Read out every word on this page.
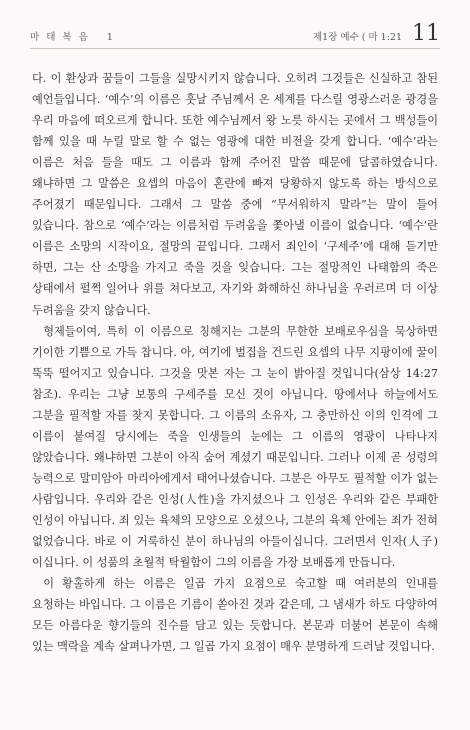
마 태 복 음 1	제1장 예수 ( 마 1:21 11

다. 이 환상과 꿈들이 그들을 실망시키지 않습니다. 오히려 그것들은 신실하고 참된 예언들입니다. ‘예수’의 이름은 훗날 주님께서 온 세계를 다스릴 영광스러운 광경을 우리 마음에 떠오르게 합니다. 또한 예수님께서 왕 노릇 하시는 곳에서 그 백성들이 함께 있을 때 누릴 말로 할 수 없는 영광에 대한 비전을 갖게 합니다. ‘예수’라는 이름은 처음 들을 때도 그 이름과 함께 주어진 말씀 때문에 달콤하였습니다. 왜냐하면 그 말씀은 요셉의 마음이 혼란에 빠져 당황하지 않도록 하는 방식으로 주어졌기 때문입니다. 그래서 그 말씀 중에 “무서워하지 말라”는 말이 들어 있습니다. 참으로 ‘예수’라는 이름처럼 두려움을 쫓아낼 이름이 없습니다. ‘예수’란 이름은 소망의 시작이요, 절망의 끝입니다. 그래서 죄인이 ‘구세주’에 대해 듣기만 하면, 그는 산 소망을 가지고 죽을 것을 잊습니다. 그는 절망적인 나태함의 죽은 상태에서 펄쩍 일어나 위를 쳐다보고, 자기와 화해하신 하나님을 우러르며 더 이상 두려움을 갖지 않습니다.

형제들이여, 특히 이 이름으로 칭해지는 그분의 무한한 보배로우심을 묵상하면 기이한 기쁨으로 가득 찹니다. 아, 여기에 벌집을 건드린 요셉의 나무 지팡이에 꿀이 뚝뚝 떨어지고 있습니다. 그것을 맛본 자는 그 눈이 밝아질 것입니다(삼상 14:27 참조). 우리는 그냥 보통의 구세주를 모신 것이 아닙니다. 땅에서나 하늘에서도 그분을 필적할 자를 찾지 못합니다. 그 이름의 소유자, 그 충만하신 이의 인격에 그 이름이 붙여질 당시에는 죽을 인생들의 눈에는 그 이름의 영광이 나타나지 않았습니다. 왜냐하면 그분이 아직 숨어 계셨기 때문입니다. 그러나 이제 곧 성령의 능력으로 말미암아 마리아에게서 태어나셨습니다. 그분은 아무도 필적할 이가 없는 사람입니다. 우리와 같은 인성(人性)을 가지셨으나 그 인성은 우리와 같은 부패한 인성이 아닙니다. 죄 있는 육체의 모양으로 오셨으나, 그분의 육체 안에는 죄가 전혀 없었습니다. 바로 이 거룩하신 분이 하나님의 아들이십니다. 그러면서 인자(人子)이십니다. 이 성품의 초월적 탁월함이 그의 이름을 가장 보배롭게 만듭니다.

이 황홀하게 하는 이름은 일곱 가지 요점으로 숙고할 때 여러분의 인내를 요청하는 바입니다. 그 이름은 기름이 쏟아진 것과 같은데, 그 냄새가 하도 다양하여 모든 아름다운 향기들의 진수를 담고 있는 듯합니다. 본문과 더불어 본문이 속해 있는 맥락을 계속 살펴나가면, 그 일곱 가지 요점이 매우 분명하게 드러날 것입니다.
